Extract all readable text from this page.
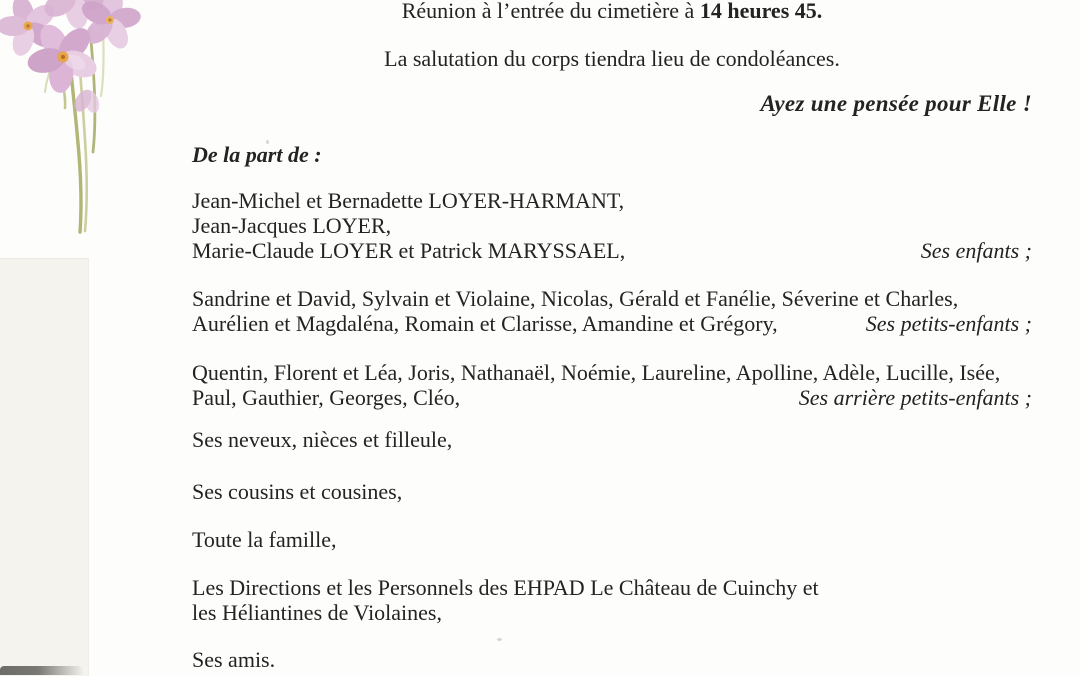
Réunion à l’entrée du cimetière à 14 heures 45.
La salutation du corps tiendra lieu de condoléances.
Ayez une pensée pour Elle !
De la part de :
Jean-Michel et Bernadette LOYER-HARMANT,
Jean-Jacques LOYER,
Marie-Claude LOYER et Patrick MARYSSAEL,	Ses enfants ;
Sandrine et David, Sylvain et Violaine, Nicolas, Gérald et Fanélie, Séverine et Charles,
Aurélien et Magdaléna, Romain et Clarisse, Amandine et Grégory,	Ses petits-enfants ;
Quentin, Florent et Léa, Joris, Nathanaël, Noémie, Laureline, Apolline, Adèle, Lucille, Isée,
Paul, Gauthier, Georges, Cléo,	Ses arrière petits-enfants ;
Ses neveux, nièces et filleule,
Ses cousins et cousines,
Toute la famille,
Les Directions et les Personnels des EHPAD Le Château de Cuinchy et
les Héliantines de Violaines,
Ses amis.
